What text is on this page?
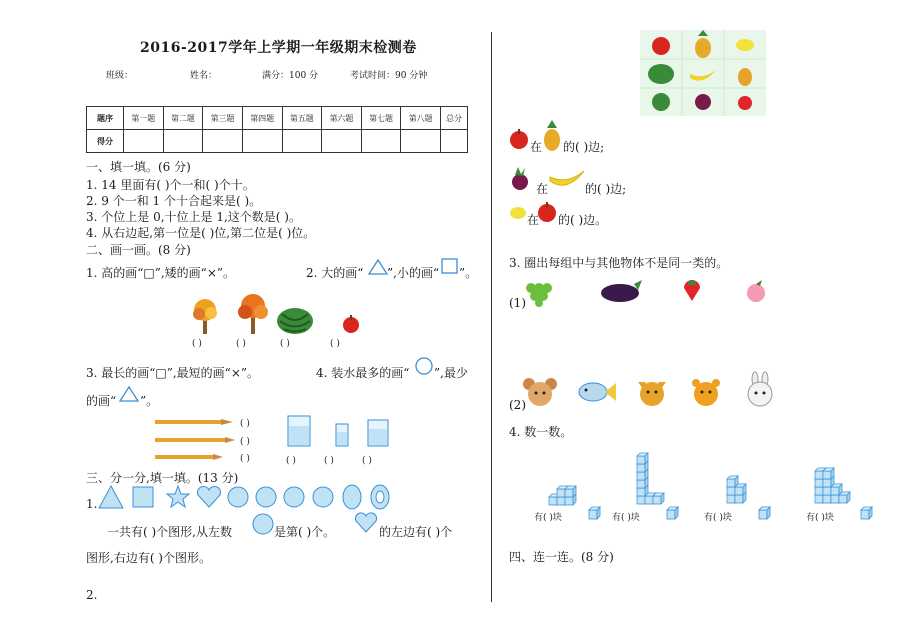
2016-2017学年上学期一年级期末检测卷
班级：	姓名：	满分：100 分	考试时间：90 分钟
题序	第一题	第二题	第三题	第四题	第五题	第六题	第七题	第八题	总分
得分									
一、填一填。(6 分)
1. 14 里面有( )个一和( )个十。
2. 9 个一和 1 个十合起来是( )。
3. 个位上是 0,十位上是 1,这个数是( )。
4. 从右边起,第一位是( )位,第二位是( )位。
二、画一画。(8 分)
1. 高的画“□”,矮的画“×”。	2. 大的画“ ”,小的画“ ”。
( )	( )	( )	( )
3. 最长的画“□”,最短的画“×”。	4. 装水最多的画“ ”,最少
的画“ ”。
( )
( )
( )	( )	( )	( )
三、分一分,填一填。(13 分)
1.
一共有( )个图形,从左数	是第( )个。	的左边有( )个
图形,右边有( )个图形。
2.
在 的( )边;
在	的( )边;
在 的( )边。
3. 圈出每组中与其他物体不是同一类的。
(1)
(2)
4. 数一数。
有( )块	有( )块	有( )块	有( )块
四、连一连。(8 分)
